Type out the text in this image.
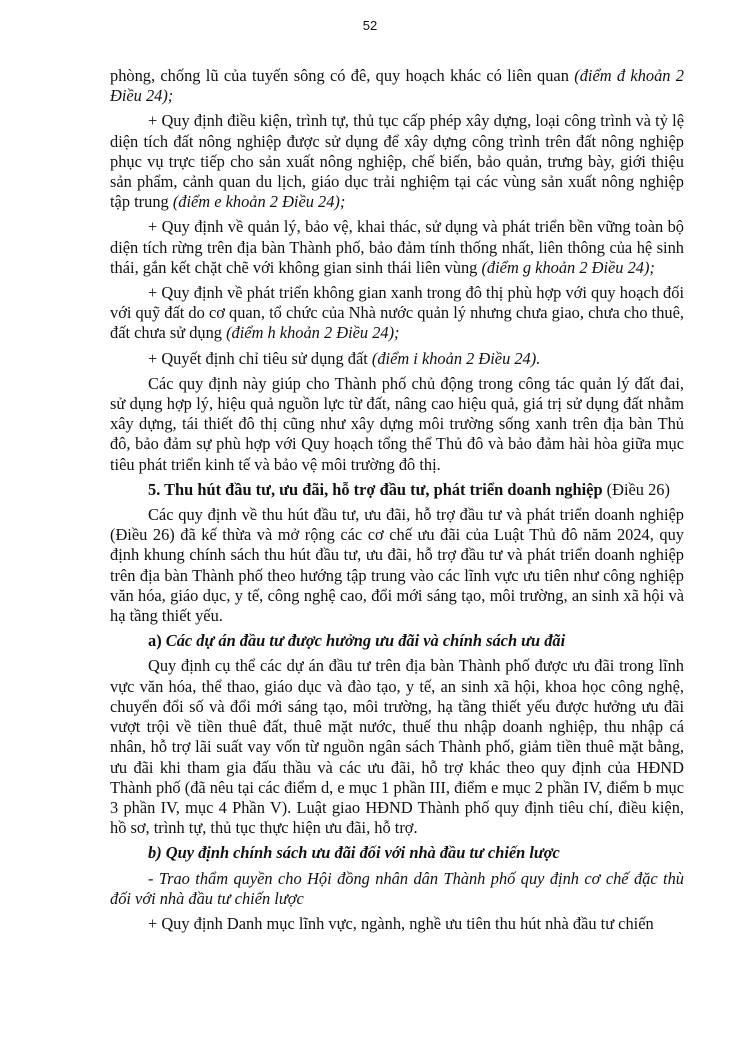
52

phòng, chống lũ của tuyến sông có đê, quy hoạch khác có liên quan (điểm đ khoản 2 Điều 24);

+ Quy định điều kiện, trình tự, thủ tục cấp phép xây dựng, loại công trình và tỷ lệ diện tích đất nông nghiệp được sử dụng để xây dựng công trình trên đất nông nghiệp phục vụ trực tiếp cho sản xuất nông nghiệp, chế biến, bảo quản, trưng bày, giới thiệu sản phẩm, cảnh quan du lịch, giáo dục trải nghiệm tại các vùng sản xuất nông nghiệp tập trung (điểm e khoản 2 Điều 24);

+ Quy định về quản lý, bảo vệ, khai thác, sử dụng và phát triển bền vững toàn bộ diện tích rừng trên địa bàn Thành phố, bảo đảm tính thống nhất, liên thông của hệ sinh thái, gắn kết chặt chẽ với không gian sinh thái liên vùng (điểm g khoản 2 Điều 24);

+ Quy định về phát triển không gian xanh trong đô thị phù hợp với quy hoạch đối với quỹ đất do cơ quan, tổ chức của Nhà nước quản lý nhưng chưa giao, chưa cho thuê, đất chưa sử dụng (điểm h khoản 2 Điều 24);

+ Quyết định chỉ tiêu sử dụng đất (điểm i khoản 2 Điều 24).

Các quy định này giúp cho Thành phố chủ động trong công tác quản lý đất đai, sử dụng hợp lý, hiệu quả nguồn lực từ đất, nâng cao hiệu quả, giá trị sử dụng đất nhằm xây dựng, tái thiết đô thị cũng như xây dựng môi trường sống xanh trên địa bàn Thủ đô, bảo đảm sự phù hợp với Quy hoạch tổng thể Thủ đô và bảo đảm hài hòa giữa mục tiêu phát triển kinh tế và bảo vệ môi trường đô thị.

5. Thu hút đầu tư, ưu đãi, hỗ trợ đầu tư, phát triển doanh nghiệp (Điều 26)

Các quy định về thu hút đầu tư, ưu đãi, hỗ trợ đầu tư và phát triển doanh nghiệp (Điều 26) đã kế thừa và mở rộng các cơ chế ưu đãi của Luật Thủ đô năm 2024, quy định khung chính sách thu hút đầu tư, ưu đãi, hỗ trợ đầu tư và phát triển doanh nghiệp trên địa bàn Thành phố theo hướng tập trung vào các lĩnh vực ưu tiên như công nghiệp văn hóa, giáo dục, y tế, công nghệ cao, đổi mới sáng tạo, môi trường, an sinh xã hội và hạ tầng thiết yếu.

a) Các dự án đầu tư được hưởng ưu đãi và chính sách ưu đãi

Quy định cụ thể các dự án đầu tư trên địa bàn Thành phố được ưu đãi trong lĩnh vực văn hóa, thể thao, giáo dục và đào tạo, y tế, an sinh xã hội, khoa học công nghệ, chuyển đổi số và đổi mới sáng tạo, môi trường, hạ tầng thiết yếu được hưởng ưu đãi vượt trội về tiền thuê đất, thuê mặt nước, thuế thu nhập doanh nghiệp, thu nhập cá nhân, hỗ trợ lãi suất vay vốn từ nguồn ngân sách Thành phố, giảm tiền thuê mặt bằng, ưu đãi khi tham gia đấu thầu và các ưu đãi, hỗ trợ khác theo quy định của HĐND Thành phố (đã nêu tại các điểm d, e mục 1 phần III, điểm e mục 2 phần IV, điểm b mục 3 phần IV, mục 4 Phần V). Luật giao HĐND Thành phố quy định tiêu chí, điều kiện, hồ sơ, trình tự, thủ tục thực hiện ưu đãi, hỗ trợ.

b) Quy định chính sách ưu đãi đối với nhà đầu tư chiến lược

- Trao thẩm quyền cho Hội đồng nhân dân Thành phố quy định cơ chế đặc thù đối với nhà đầu tư chiến lược

+ Quy định Danh mục lĩnh vực, ngành, nghề ưu tiên thu hút nhà đầu tư chiến
